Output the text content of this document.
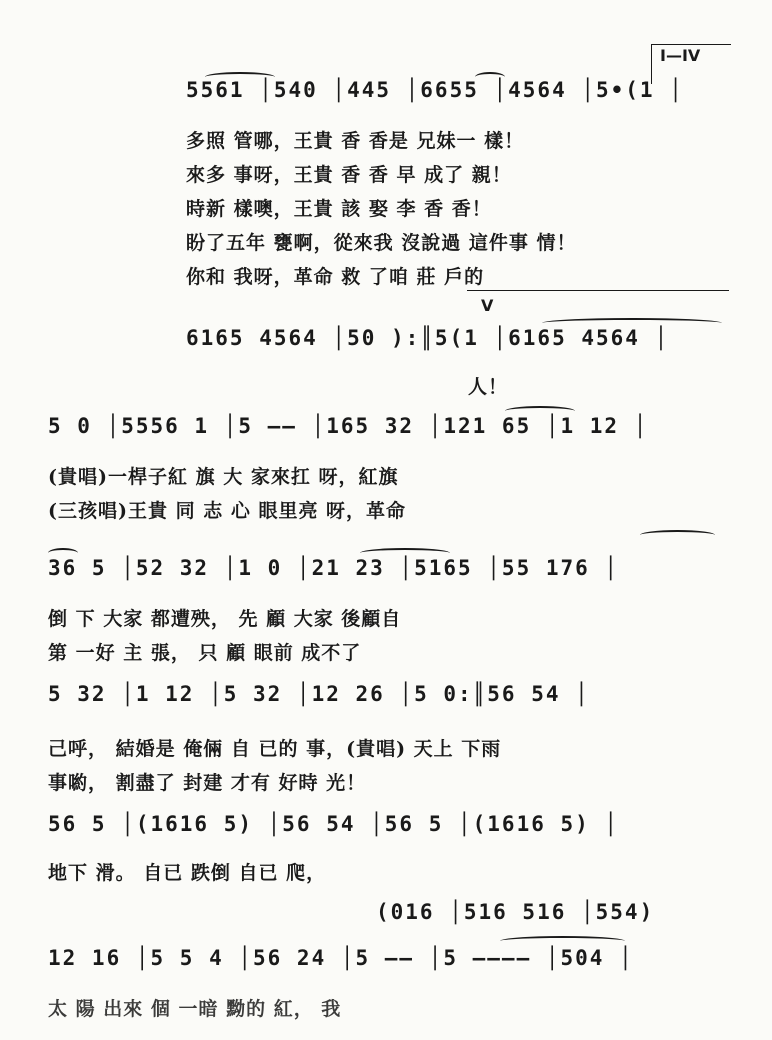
I—IV
5561 │540 │445 │6655 │4564 │5•(1 │
多照 管哪，王貴 香 香是 兄妹一 樣！
來多 事呀，王貴 香 香 早 成了 親！
時新 樣噢，王貴 該 娶 李 香 香！
盼了五年 甕啊，從來我 沒說過 這件事 情！
你和 我呀，革命 救 了咱 莊 戶的
V
6165 4564 │50 ):║5(1 │6165 4564 │
人！
5 0 │5556 1 │5 —— │165 32 │121 65 │1 12 │
(貴唱)一桿子紅 旗 大 家來扛 呀，紅旗
(三孩唱)王貴 同 志 心 眼里亮 呀，革命
36 5 │52 32 │1 0 │21 23 │5165 │55 176 │
倒 下 大家 都遭殃， 先 顧 大家 後顧自
第 一好 主 張， 只 顧 眼前 成不了
5 32 │1 12 │5 32 │12 26 │5 0:║56 54 │
己呼， 結婚是 俺倆 自 已的 事，(貴唱) 天上 下雨
事喲， 割盡了 封建 才有 好時 光！
56 5 │(1616 5) │56 54 │56 5 │(1616 5) │
地下 滑。 自已 跌倒 自已 爬，
(016 │516 516 │554)
12 16 │5 5 4 │56 24 │5 —— │5 ———— │504 │
太 陽 出來 個 一暗 黝的 紅， 我
